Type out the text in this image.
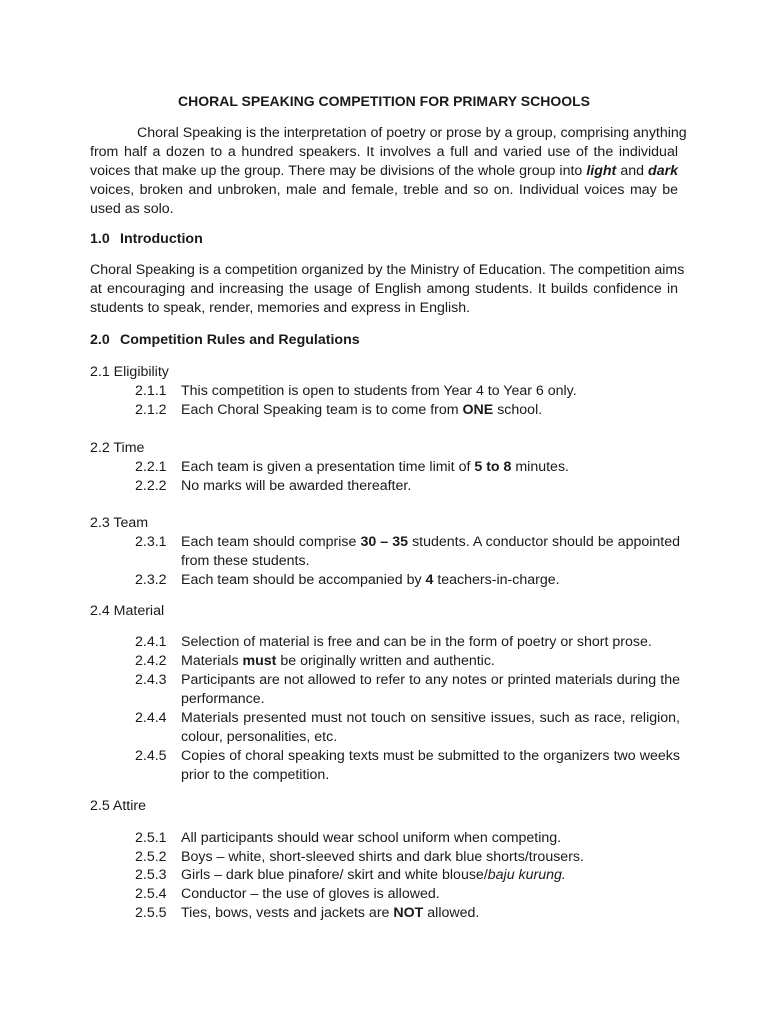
CHORAL SPEAKING COMPETITION FOR PRIMARY SCHOOLS
Choral Speaking is the interpretation of poetry or prose by a group, comprising anything
from half a dozen to a hundred speakers. It involves a full and varied use of the individual
voices that make up the group. There may be divisions of the whole group into light and dark
voices, broken and unbroken, male and female, treble and so on. Individual voices may be
used as solo.
1.0 Introduction
Choral Speaking is a competition organized by the Ministry of Education. The competition aims
at encouraging and increasing the usage of English among students. It builds confidence in
students to speak, render, memories and express in English.
2.0 Competition Rules and Regulations
2.1 Eligibility
2.1.1 This competition is open to students from Year 4 to Year 6 only.
2.1.2 Each Choral Speaking team is to come from ONE school.
2.2 Time
2.2.1 Each team is given a presentation time limit of 5 to 8 minutes.
2.2.2 No marks will be awarded thereafter.
2.3 Team
2.3.1 Each team should comprise 30 – 35 students. A conductor should be appointed
from these students.
2.3.2 Each team should be accompanied by 4 teachers-in-charge.
2.4 Material
2.4.1 Selection of material is free and can be in the form of poetry or short prose.
2.4.2 Materials must be originally written and authentic.
2.4.3 Participants are not allowed to refer to any notes or printed materials during the
performance.
2.4.4 Materials presented must not touch on sensitive issues, such as race, religion,
colour, personalities, etc.
2.4.5 Copies of choral speaking texts must be submitted to the organizers two weeks
prior to the competition.
2.5 Attire
2.5.1 All participants should wear school uniform when competing.
2.5.2 Boys – white, short-sleeved shirts and dark blue shorts/trousers.
2.5.3 Girls – dark blue pinafore/ skirt and white blouse/baju kurung.
2.5.4 Conductor – the use of gloves is allowed.
2.5.5 Ties, bows, vests and jackets are NOT allowed.
